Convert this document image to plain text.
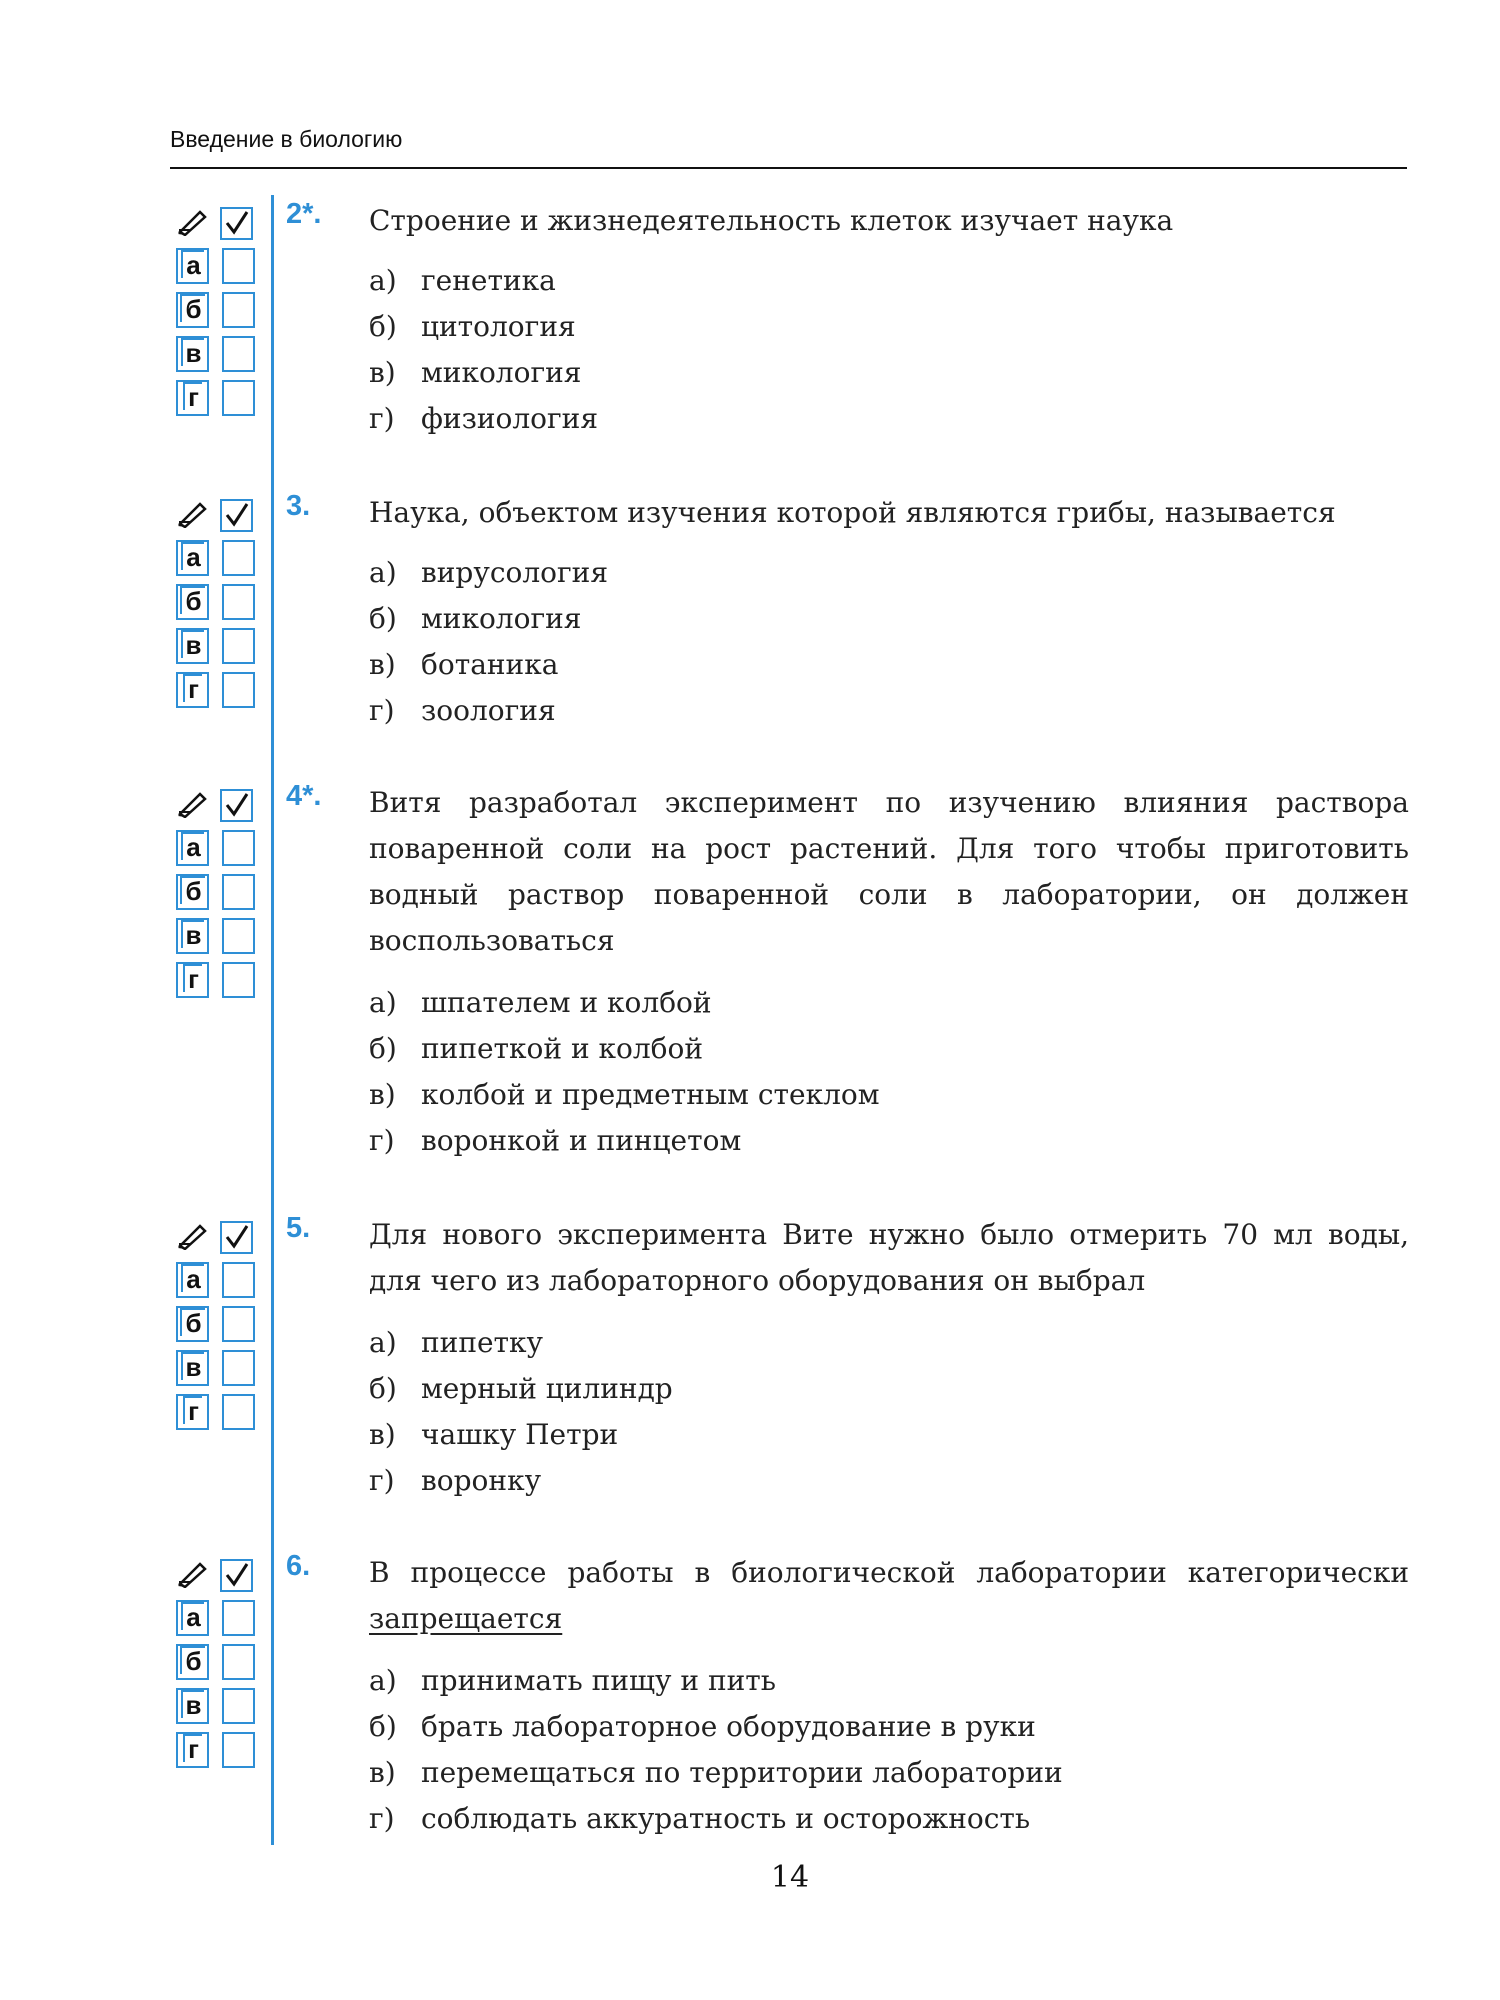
Введение в биологию
а
б
в
г
2*. Строение и жизнедеятельность клеток изучает наука
а) генетика
б) цитология
в) микология
г) физиология
а
б
в
г
3. Наука, объектом изучения которой являются грибы, называется
а) вирусология
б) микология
в) ботаника
г) зоология
а
б
в
г
4*. Витя разработал эксперимент по изучению влияния раствора поваренной соли на рост растений. Для того чтобы приготовить водный раствор поваренной соли в лаборатории, он должен воспользоваться
а) шпателем и колбой
б) пипеткой и колбой
в) колбой и предметным стеклом
г) воронкой и пинцетом
а
б
в
г
5. Для нового эксперимента Вите нужно было отмерить 70 мл воды, для чего из лабораторного оборудования он выбрал
а) пипетку
б) мерный цилиндр
в) чашку Петри
г) воронку
а
б
в
г
6. В процессе работы в биологической лаборатории категорически запрещается
а) принимать пищу и пить
б) брать лабораторное оборудование в руки
в) перемещаться по территории лаборатории
г) соблюдать аккуратность и осторожность
14
